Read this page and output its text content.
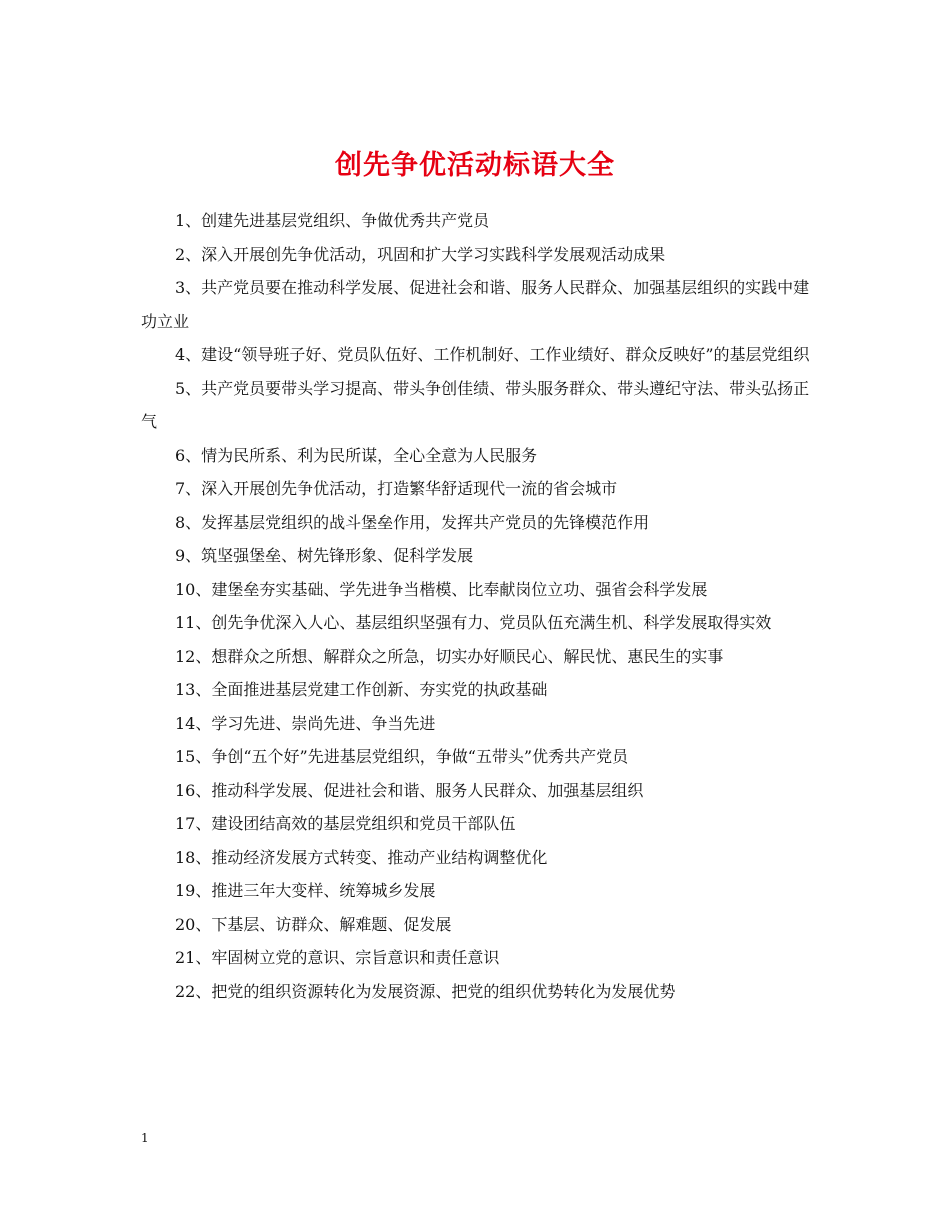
创先争优活动标语大全

1、创建先进基层党组织、争做优秀共产党员

2、深入开展创先争优活动，巩固和扩大学习实践科学发展观活动成果

3、共产党员要在推动科学发展、促进社会和谐、服务人民群众、加强基层组织的实践中建功立业

4、建设“领导班子好、党员队伍好、工作机制好、工作业绩好、群众反映好”的基层党组织

5、共产党员要带头学习提高、带头争创佳绩、带头服务群众、带头遵纪守法、带头弘扬正气

6、情为民所系、利为民所谋，全心全意为人民服务

7、深入开展创先争优活动，打造繁华舒适现代一流的省会城市

8、发挥基层党组织的战斗堡垒作用，发挥共产党员的先锋模范作用

9、筑坚强堡垒、树先锋形象、促科学发展

10、建堡垒夯实基础、学先进争当楷模、比奉献岗位立功、强省会科学发展

11、创先争优深入人心、基层组织坚强有力、党员队伍充满生机、科学发展取得实效

12、想群众之所想、解群众之所急，切实办好顺民心、解民忧、惠民生的实事

13、全面推进基层党建工作创新、夯实党的执政基础

14、学习先进、崇尚先进、争当先进

15、争创“五个好”先进基层党组织，争做“五带头”优秀共产党员

16、推动科学发展、促进社会和谐、服务人民群众、加强基层组织

17、建设团结高效的基层党组织和党员干部队伍

18、推动经济发展方式转变、推动产业结构调整优化

19、推进三年大变样、统筹城乡发展

20、下基层、访群众、解难题、促发展

21、牢固树立党的意识、宗旨意识和责任意识

22、把党的组织资源转化为发展资源、把党的组织优势转化为发展优势

1
